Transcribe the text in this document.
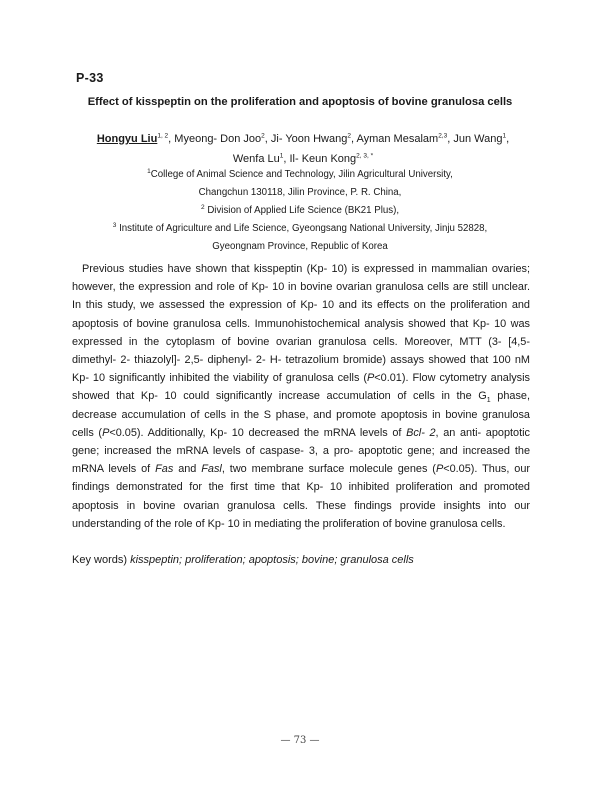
P-33
Effect of kisspeptin on the proliferation and apoptosis of bovine granulosa cells
Hongyu Liu$^{1, 2}$, Myeong- Don Joo$^2$, Ji- Yoon Hwang$^2$, Ayman Mesalam$^{2,3}$, Jun Wang$^1$,
Wenfa Lu$^1$, Il- Keun Kong$^{2, 3, *}$
$^1$College of Animal Science and Technology, Jilin Agricultural University,
Changchun 130118, Jilin Province, P. R. China,
$^2$ Division of Applied Life Science (BK21 Plus),
$^3$ Institute of Agriculture and Life Science, Gyeongsang National University, Jinju 52828,
Gyeongnam Province, Republic of Korea
Previous studies have shown that kisspeptin (Kp- 10) is expressed in mammalian ovaries; however, the expression and role of Kp- 10 in bovine ovarian granulosa cells are still unclear. In this study, we assessed the expression of Kp- 10 and its effects on the proliferation and apoptosis of bovine granulosa cells. Immunohistochemical analysis showed that Kp- 10 was expressed in the cytoplasm of bovine ovarian granulosa cells. Moreover, MTT (3- [4,5- dimethyl- 2- thiazolyl]- 2,5- diphenyl- 2- H- tetrazolium bromide) assays showed that 100 nM Kp- 10 significantly inhibited the viability of granulosa cells (P<0.01). Flow cytometry analysis showed that Kp- 10 could significantly increase accumulation of cells in the $G_1$ phase, decrease accumulation of cells in the S phase, and promote apoptosis in bovine granulosa cells (P<0.05). Additionally, Kp- 10 decreased the mRNA levels of Bcl- 2, an anti- apoptotic gene; increased the mRNA levels of caspase- 3, a pro- apoptotic gene; and increased the mRNA levels of Fas and Fasl, two membrane surface molecule genes (P<0.05). Thus, our findings demonstrated for the first time that Kp- 10 inhibited proliferation and promoted apoptosis in bovine ovarian granulosa cells. These findings provide insights into our understanding of the role of Kp- 10 in mediating the proliferation of bovine granulosa cells.
Key words) kisspeptin; proliferation; apoptosis; bovine; granulosa cells
— 73 —
